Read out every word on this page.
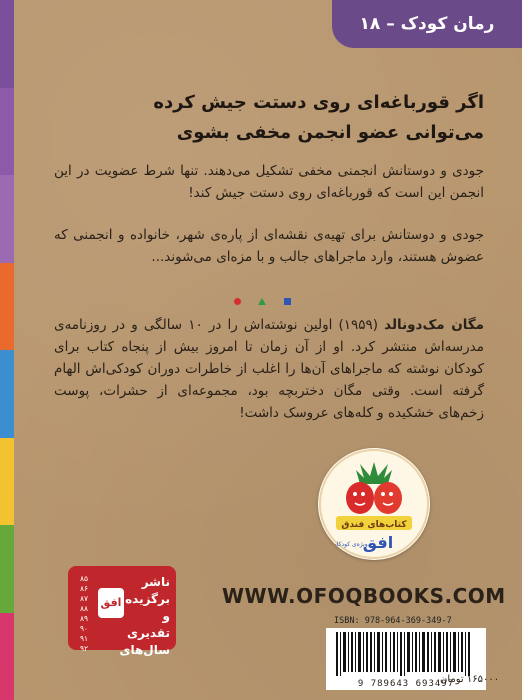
رمان کودک – ۱۸
اگر قورباغه‌ای روی دستت جیش کرده
می‌توانی عضو انجمن مخفی بشوی
جودی و دوستانش انجمنی مخفی تشکیل می‌دهند. تنها شرط عضویت در این انجمن این است که قورباغه‌ای روی دستت جیش کند!
جودی و دوستانش برای تهیه‌ی نقشه‌ای از پاره‌ی شهر، خانواده و انجمنی که عضوش هستند، وارد ماجراهای جالب و با مزه‌ای می‌شوند...
مگان مک‌دونالد (۱۹۵۹) اولین نوشته‌اش را در ۱۰ سالگی و در روزنامه‌ی مدرسه‌اش منتشر کرد. او از آن زمان تا امروز بیش از پنجاه کتاب برای کودکان نوشته که ماجراهای آن‌ها را اغلب از خاطرات دوران کودکی‌اش الهام گرفته است. وقتی مگان دختربچه بود، مجموعه‌ای از حشرات، پوست زخم‌های خشکیده و کله‌های عروسک داشت!
کتاب‌های فندق
افق
ویژه‌ی کودکان
WWW.OFOQBOOKS.COM
ISBN: 978-964-369-349-7
9 789643 693497
۱۶۵۰۰۰ تومان
۸۵
۸۶
۸۷
۸۸
۸۹
۹۰
۹۱
۹۲
افق
ناشر
برگزیده
و تقدیری
سال‌های
